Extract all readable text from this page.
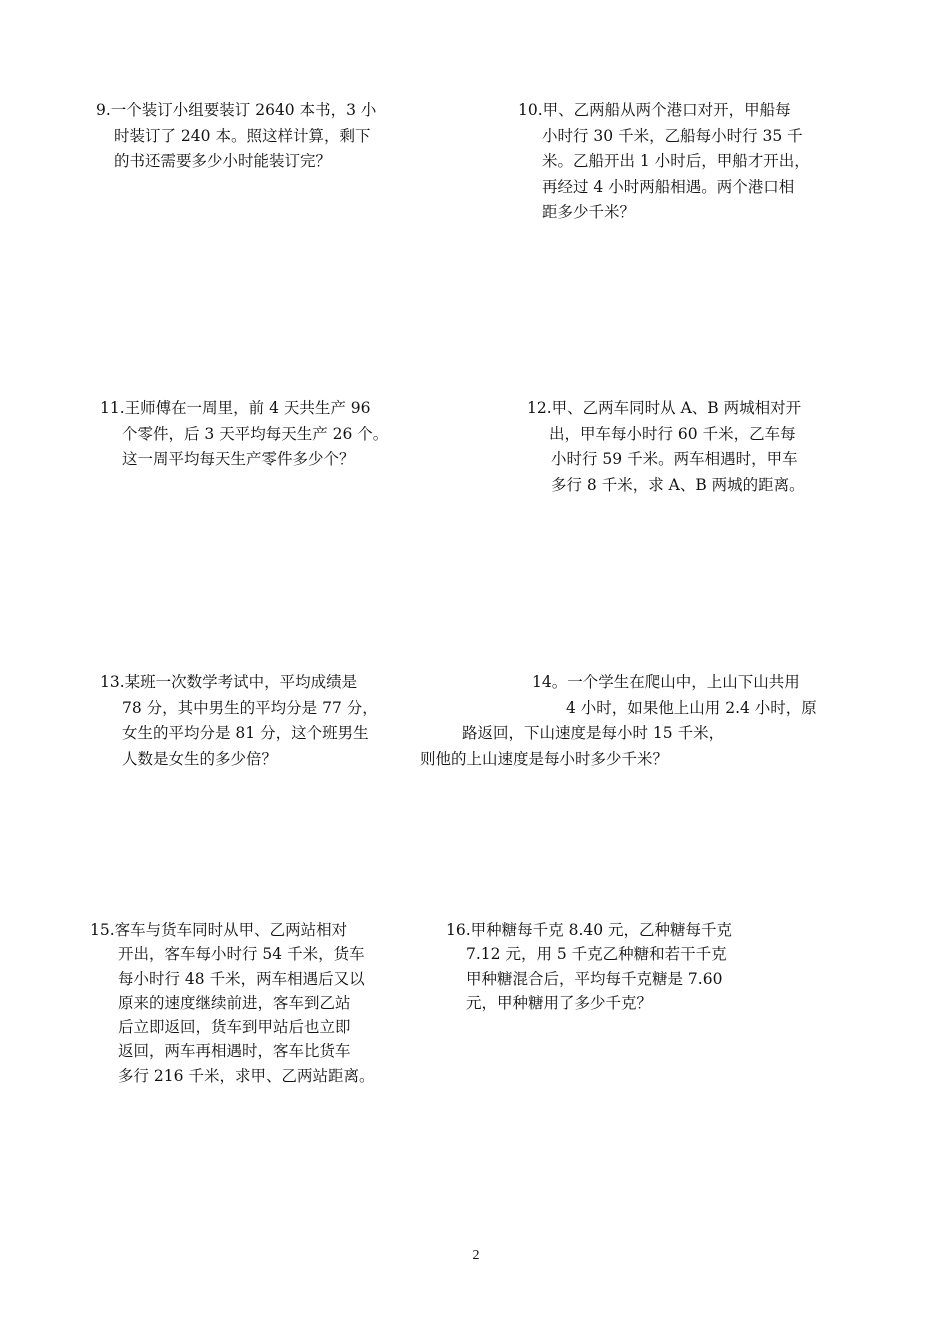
9.一个装订小组要装订 2640 本书，3 小
时装订了 240 本。照这样计算，剩下
的书还需要多少小时能装订完？
10.甲、乙两船从两个港口对开，甲船每
小时行 30 千米，乙船每小时行 35 千
米。乙船开出 1 小时后，甲船才开出，
再经过 4 小时两船相遇。两个港口相
距多少千米？
11.王师傅在一周里，前 4 天共生产 96
个零件，后 3 天平均每天生产 26 个。
这一周平均每天生产零件多少个？
12.甲、乙两车同时从 A、B 两城相对开
出，甲车每小时行 60 千米，乙车每
小时行 59 千米。两车相遇时，甲车
多行 8 千米，求 A、B 两城的距离。
13.某班一次数学考试中，平均成绩是
78 分，其中男生的平均分是 77 分，
女生的平均分是 81 分，这个班男生
人数是女生的多少倍？
14。一个学生在爬山中，上山下山共用
4 小时，如果他上山用 2.4 小时，原
路返回，下山速度是每小时 15 千米，
则他的上山速度是每小时多少千米？
15.客车与货车同时从甲、乙两站相对
开出，客车每小时行 54 千米，货车
每小时行 48 千米，两车相遇后又以
原来的速度继续前进，客车到乙站
后立即返回，货车到甲站后也立即
返回，两车再相遇时，客车比货车
多行 216 千米，求甲、乙两站距离。
16.甲种糖每千克 8.40 元，乙种糖每千克
7.12 元，用 5 千克乙种糖和若干千克
甲种糖混合后，平均每千克糖是 7.60
元，甲种糖用了多少千克？
2
